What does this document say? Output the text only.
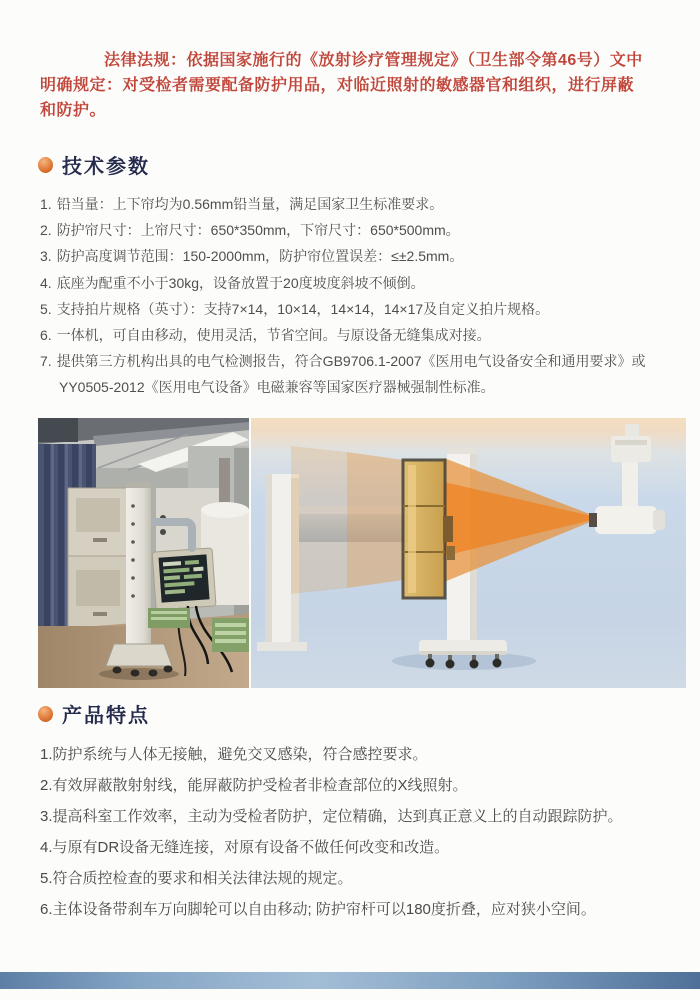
法律法规：依据国家施行的《放射诊疗管理规定》（卫生部令第46号）文中明确规定：对受检者需要配备防护用品，对临近照射的敏感器官和组织，进行屏蔽和防护。

技术参数
1. 铅当量：上下帘均为0.56mm铅当量，满足国家卫生标准要求。
2. 防护帘尺寸：上帘尺寸：650*350mm，下帘尺寸：650*500mm。
3. 防护高度调节范围：150-2000mm，防护帘位置误差：≤±2.5mm。
4. 底座为配重不小于30kg，设备放置于20度坡度斜坡不倾倒。
5. 支持拍片规格（英寸）：支持7×14，10×14，14×14，14×17及自定义拍片规格。
6. 一体机，可自由移动，使用灵活，节省空间。与原设备无缝集成对接。
7. 提供第三方机构出具的电气检测报告，符合GB9706.1-2007《医用电气设备安全和通用要求》或YY0505-2012《医用电气设备》电磁兼容等国家医疗器械强制性标准。
产品特点
1.防护系统与人体无接触，避免交叉感染，符合感控要求。
2.有效屏蔽散射射线，能屏蔽防护受检者非检查部位的X线照射。
3.提高科室工作效率，主动为受检者防护，定位精确，达到真正意义上的自动跟踪防护。
4.与原有DR设备无缝连接，对原有设备不做任何改变和改造。
5.符合质控检查的要求和相关法律法规的规定。
6.主体设备带刹车万向脚轮可以自由移动; 防护帘杆可以180度折叠，应对狭小空间。
